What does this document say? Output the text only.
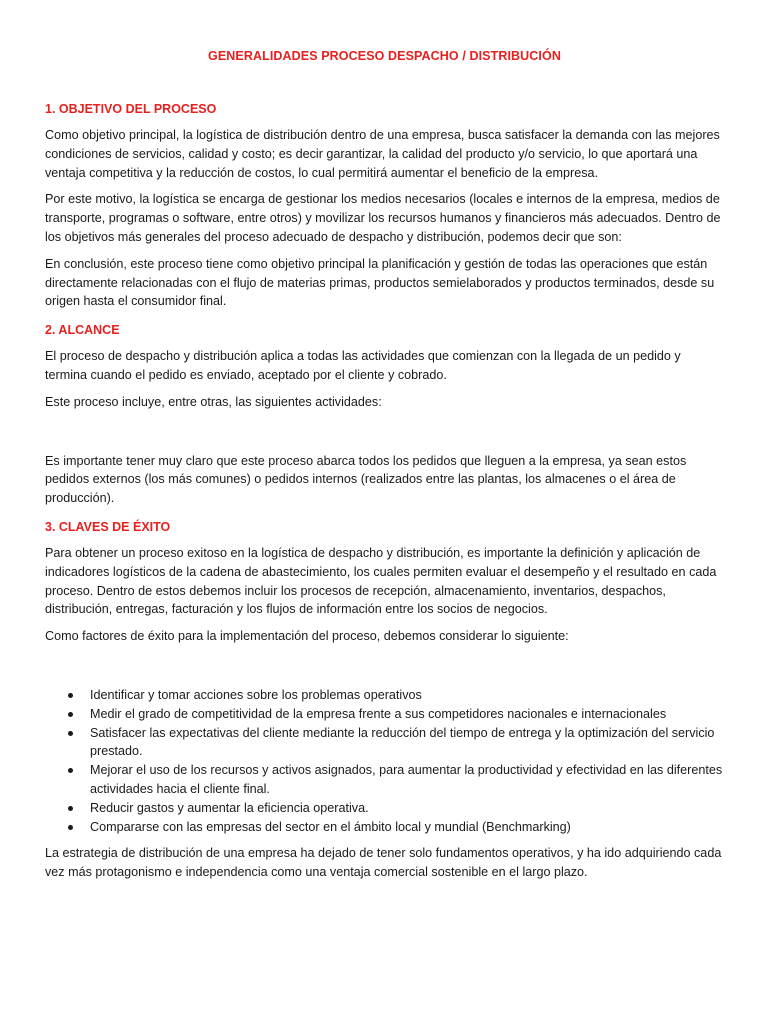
GENERALIDADES PROCESO DESPACHO / DISTRIBUCIÓN
1. OBJETIVO DEL PROCESO

Como objetivo principal, la logística de distribución dentro de una empresa, busca satisfacer la demanda con las mejores condiciones de servicios, calidad y costo; es decir garantizar, la calidad del producto y/o servicio, lo que aportará una ventaja competitiva y la reducción de costos, lo cual permitirá aumentar el beneficio de la empresa.

Por este motivo, la logística se encarga de gestionar los medios necesarios (locales e internos de la empresa, medios de transporte, programas o software, entre otros) y movilizar los recursos humanos y financieros más adecuados. Dentro de los objetivos más generales del proceso adecuado de despacho y distribución, podemos decir que son:

En conclusión, este proceso tiene como objetivo principal la planificación y gestión de todas las operaciones que están directamente relacionadas con el flujo de materias primas, productos semielaborados y productos terminados, desde su origen hasta el consumidor final.

2. ALCANCE

El proceso de despacho y distribución aplica a todas las actividades que comienzan con la llegada de un pedido y termina cuando el pedido es enviado, aceptado por el cliente y cobrado.

Este proceso incluye, entre otras, las siguientes actividades:

Es importante tener muy claro que este proceso abarca todos los pedidos que lleguen a la empresa, ya sean estos pedidos externos (los más comunes) o pedidos internos (realizados entre las plantas, los almacenes o el área de producción).

3. CLAVES DE ÉXITO

Para obtener un proceso exitoso en la logística de despacho y distribución, es importante la definición y aplicación de indicadores logísticos de la cadena de abastecimiento, los cuales permiten evaluar el desempeño y el resultado en cada proceso. Dentro de estos debemos incluir los procesos de recepción, almacenamiento, inventarios, despachos, distribución, entregas, facturación y los flujos de información entre los socios de negocios.

Como factores de éxito para la implementación del proceso, debemos considerar lo siguiente:

Identificar y tomar acciones sobre los problemas operativos
Medir el grado de competitividad de la empresa frente a sus competidores nacionales e internacionales
Satisfacer las expectativas del cliente mediante la reducción del tiempo de entrega y la optimización del servicio prestado.
Mejorar el uso de los recursos y activos asignados, para aumentar la productividad y efectividad en las diferentes actividades hacia el cliente final.
Reducir gastos y aumentar la eficiencia operativa.
Compararse con las empresas del sector en el ámbito local y mundial (Benchmarking)

La estrategia de distribución de una empresa ha dejado de tener solo fundamentos operativos, y ha ido adquiriendo cada vez más protagonismo e independencia como una ventaja comercial sostenible en el largo plazo.
